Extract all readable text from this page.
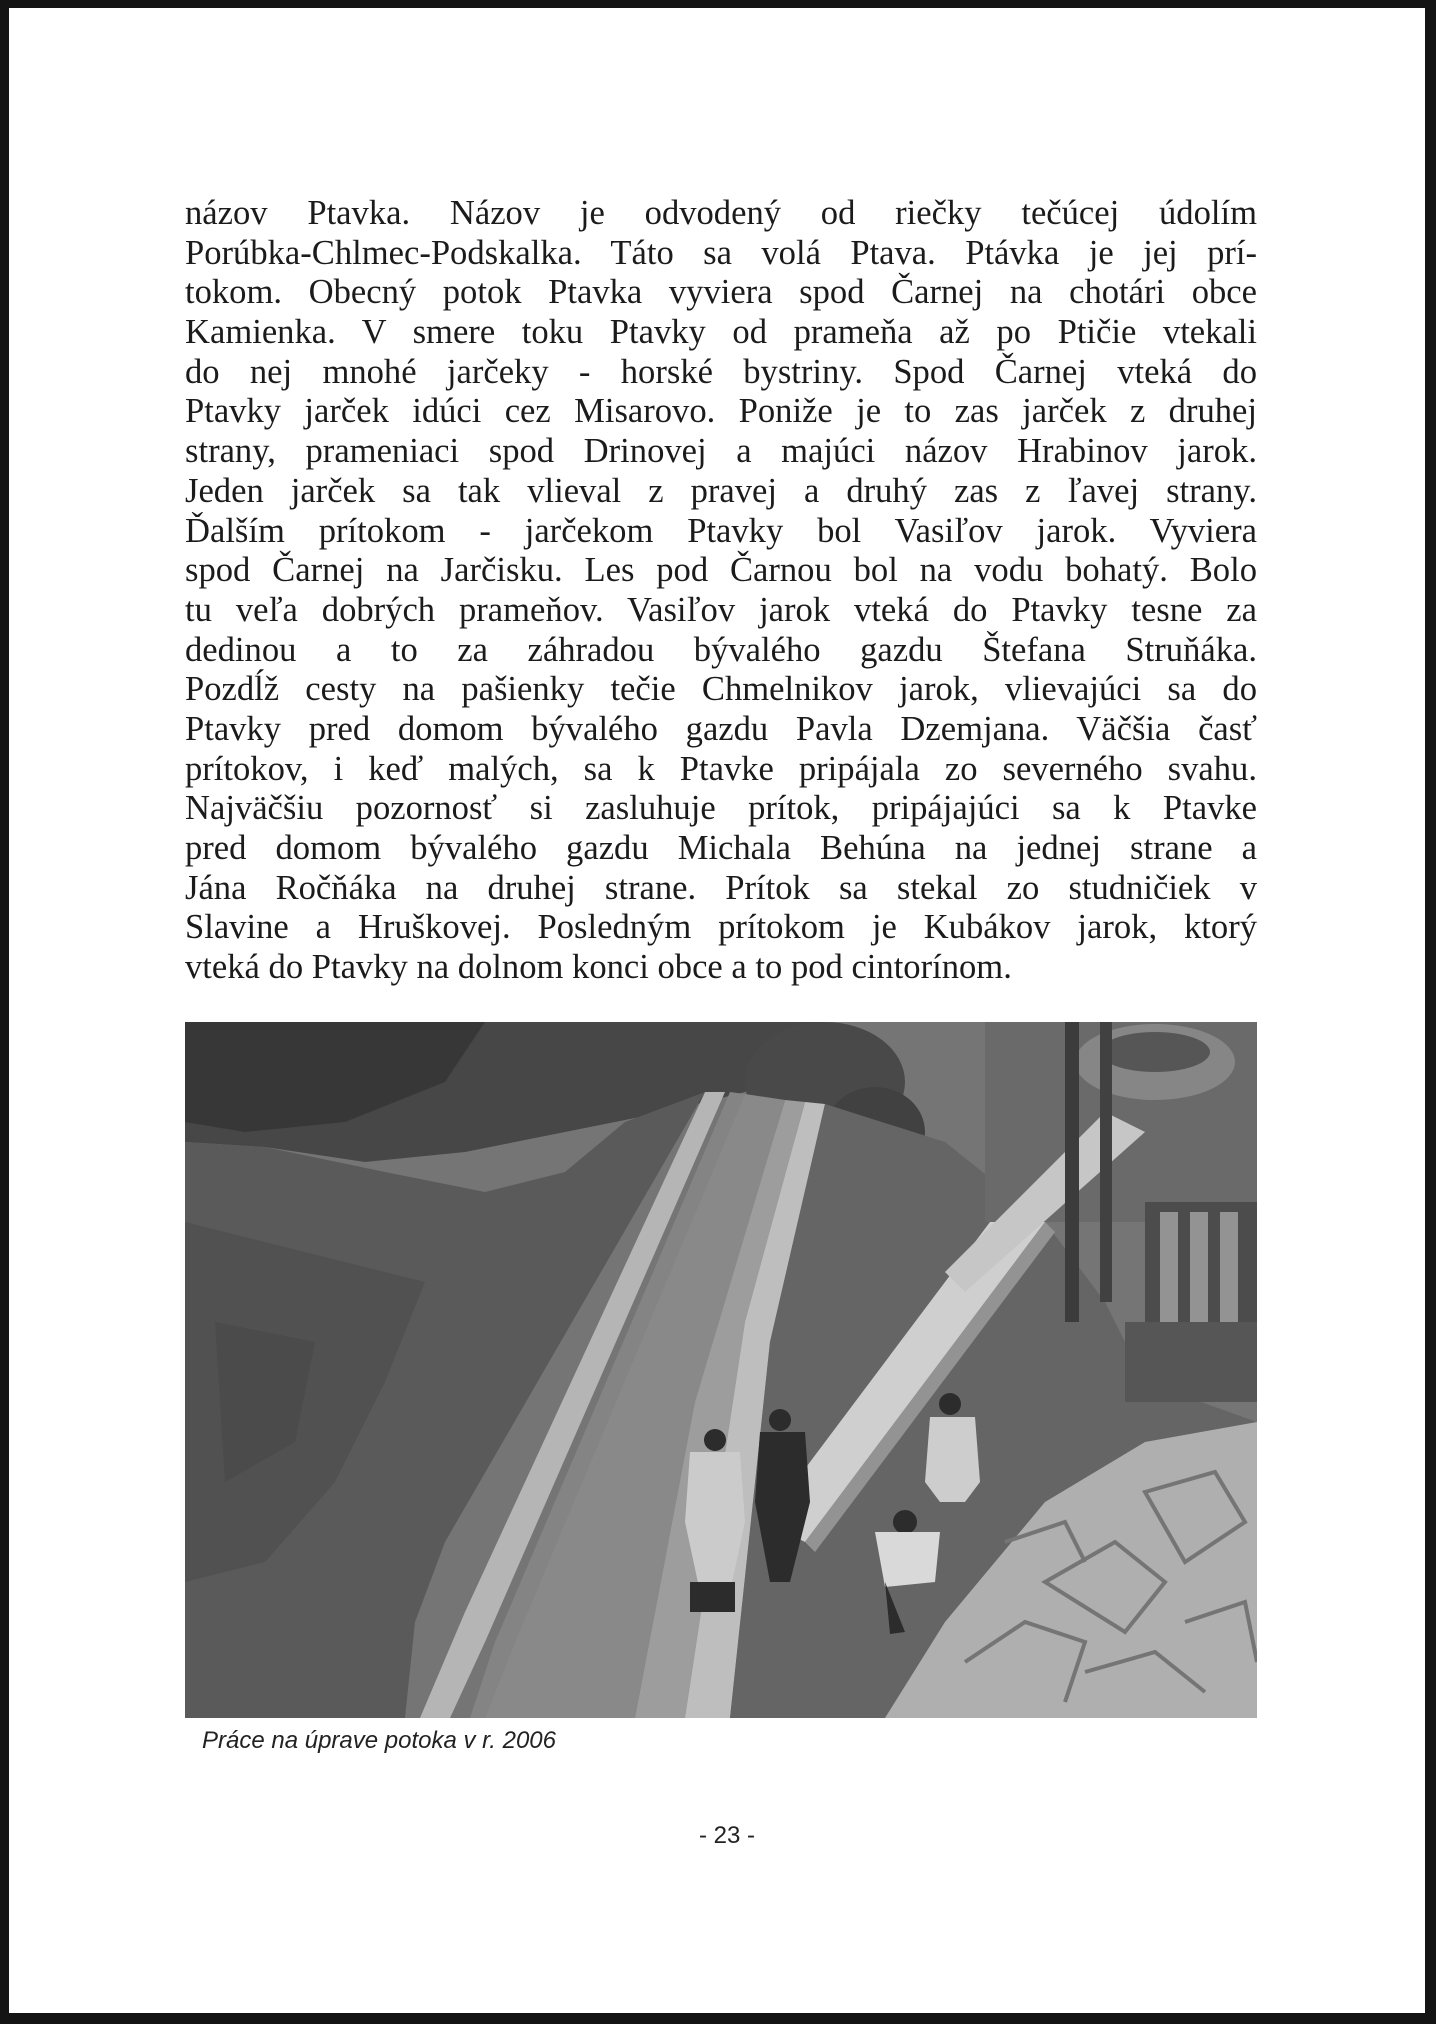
názov Ptavka. Názov je odvodený od riečky tečúcej údolím
Porúbka-Chlmec-Podskalka. Táto sa volá Ptava. Ptávka je jej prí-
tokom. Obecný potok Ptavka vyviera spod Čarnej na chotári obce
Kamienka. V smere toku Ptavky od prameňa až po Ptičie vtekali
do nej mnohé jarčeky - horské bystriny. Spod Čarnej vteká do
Ptavky jarček idúci cez Misarovo. Poniže je to zas jarček z druhej
strany, prameniaci spod Drinovej a majúci názov Hrabinov jarok.
Jeden jarček sa tak vlieval z pravej a druhý zas z ľavej strany.
Ďalším prítokom - jarčekom Ptavky bol Vasiľov jarok. Vyviera
spod Čarnej na Jarčisku. Les pod Čarnou bol na vodu bohatý. Bolo
tu veľa dobrých prameňov. Vasiľov jarok vteká do Ptavky tesne za
dedinou a to za záhradou bývalého gazdu Štefana Struňáka.
Pozdĺž cesty na pašienky tečie Chmelnikov jarok, vlievajúci sa do
Ptavky pred domom bývalého gazdu Pavla Dzemjana. Väčšia časť
prítokov, i keď malých, sa k Ptavke pripájala zo severného svahu.
Najväčšiu pozornosť si zasluhuje prítok, pripájajúci sa k Ptavke
pred domom bývalého gazdu Michala Behúna na jednej strane a
Jána Ročňáka na druhej strane. Prítok sa stekal zo studničiek v
Slavine a Hruškovej. Posledným prítokom je Kubákov jarok, ktorý
vteká do Ptavky na dolnom konci obce a to pod cintorínom.
Práce na úprave potoka v r. 2006
- 23 -
